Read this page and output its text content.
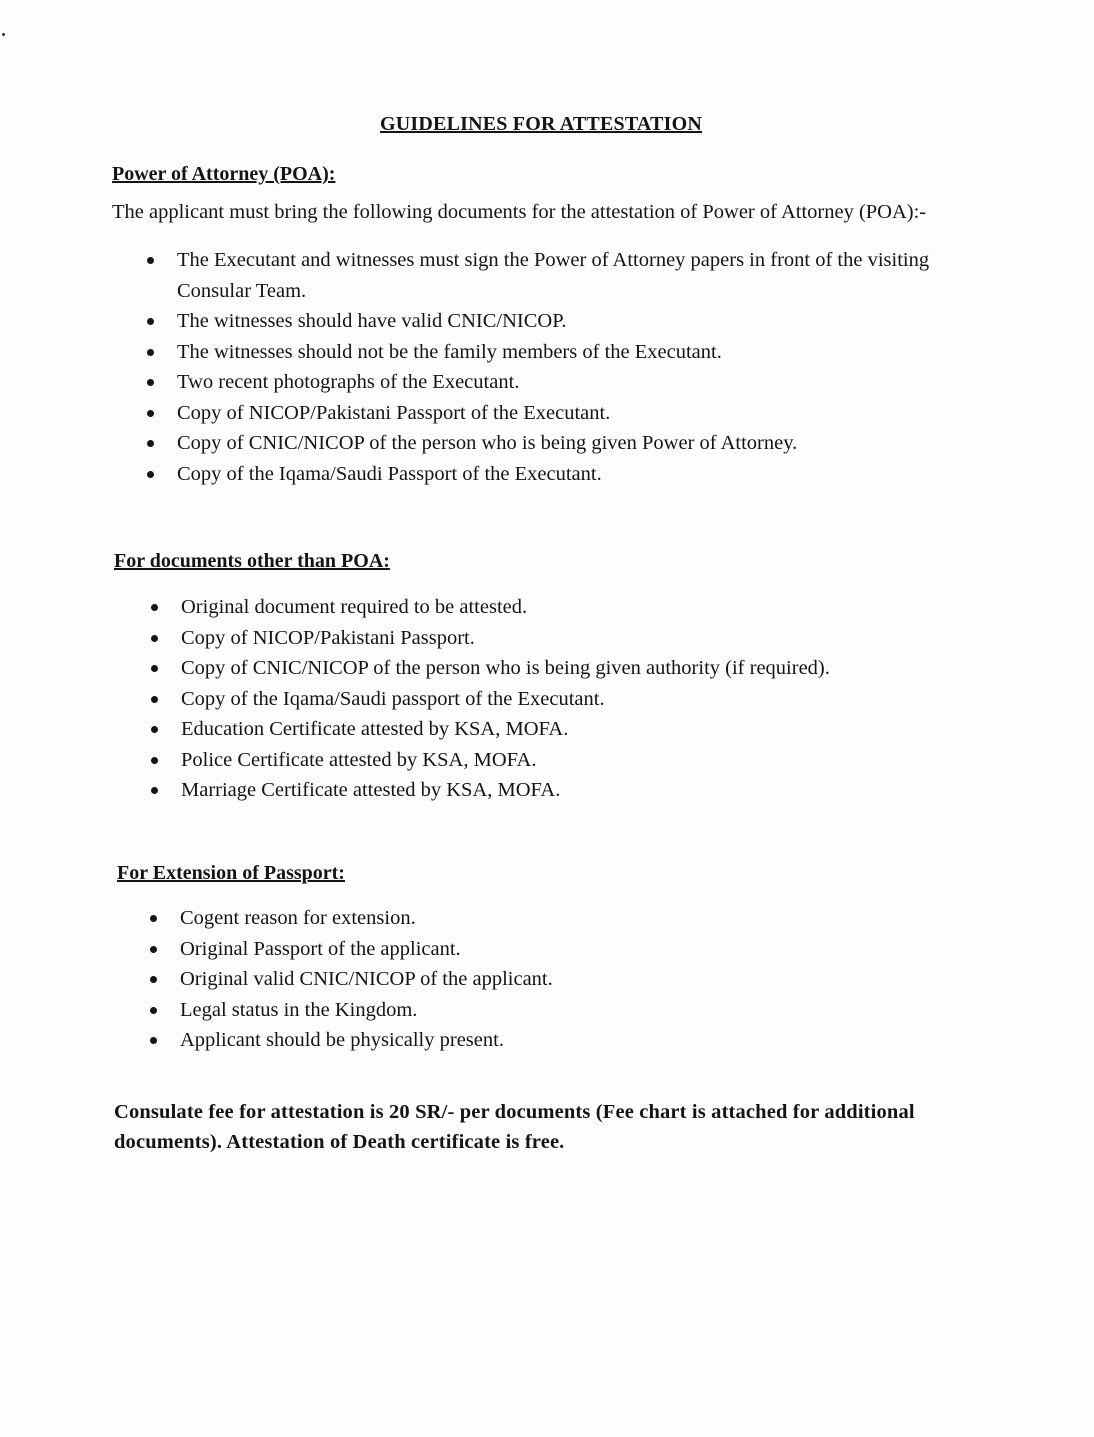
GUIDELINES FOR ATTESTATION
Power of Attorney (POA):
The applicant must bring the following documents for the attestation of Power of Attorney (POA):-
The Executant and witnesses must sign the Power of Attorney papers in front of the visiting Consular Team.
The witnesses should have valid CNIC/NICOP.
The witnesses should not be the family members of the Executant.
Two recent photographs of the Executant.
Copy of NICOP/Pakistani Passport of the Executant.
Copy of CNIC/NICOP of the person who is being given Power of Attorney.
Copy of the Iqama/Saudi Passport of the Executant.
For documents other than POA:
Original document required to be attested.
Copy of NICOP/Pakistani Passport.
Copy of CNIC/NICOP of the person who is being given authority (if required).
Copy of the Iqama/Saudi passport of the Executant.
Education Certificate attested by KSA, MOFA.
Police Certificate attested by KSA, MOFA.
Marriage Certificate attested by KSA, MOFA.
For Extension of Passport:
Cogent reason for extension.
Original Passport of the applicant.
Original valid CNIC/NICOP of the applicant.
Legal status in the Kingdom.
Applicant should be physically present.
Consulate fee for attestation is 20 SR/- per documents (Fee chart is attached for additional documents). Attestation of Death certificate is free.
